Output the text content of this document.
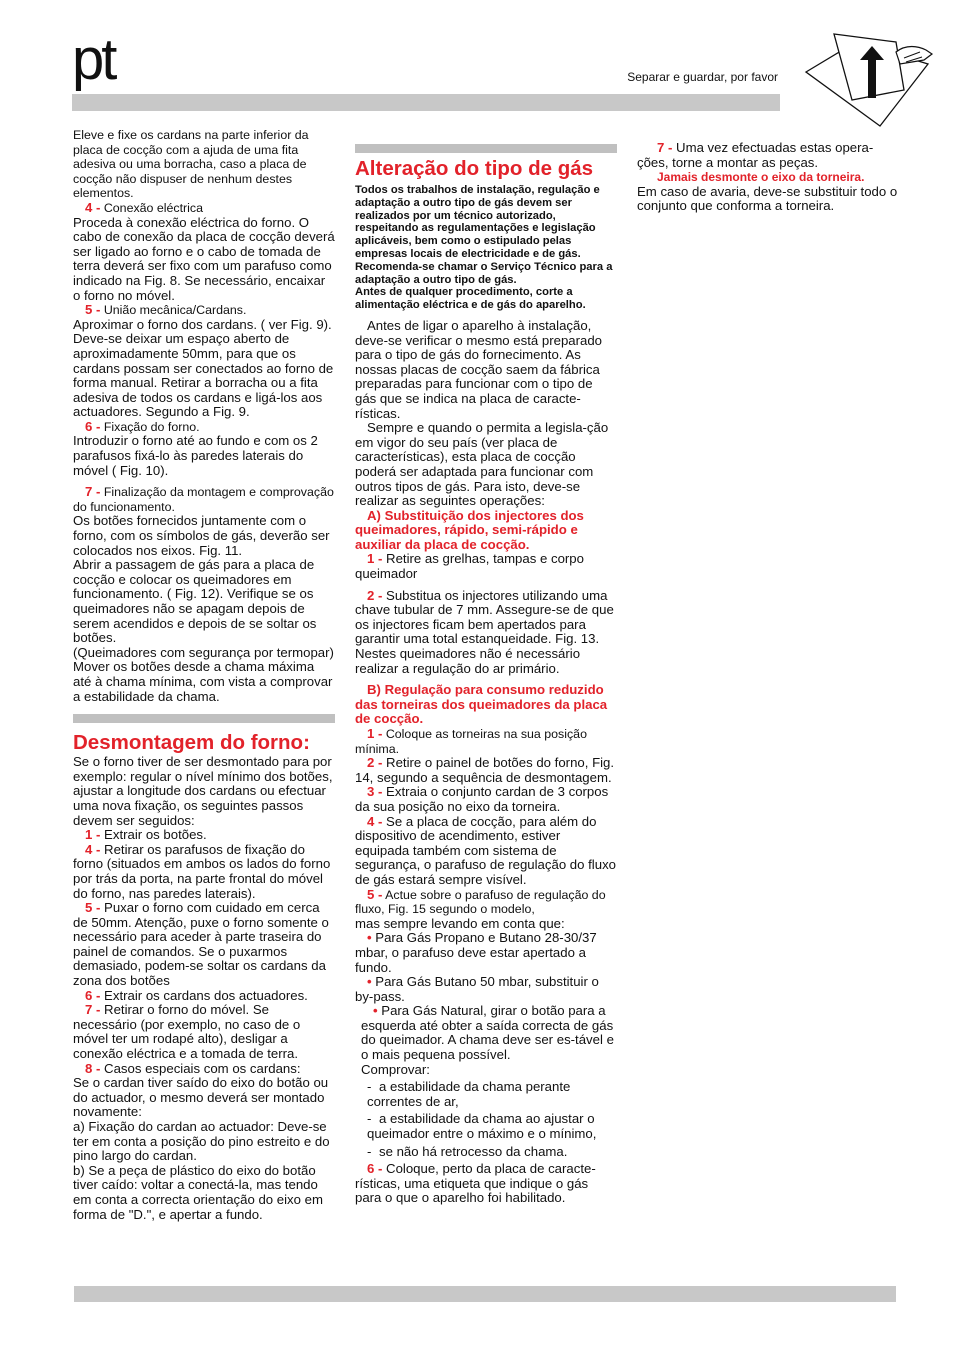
pt	Separar e guardar, por favor

Eleve e fixe os cardans na parte inferior da placa de cocção com a ajuda de uma fita adesiva ou uma borracha, caso a placa de cocção não dispuser de nenhum destes elementos.

4 - Conexão eléctrica

Proceda à conexão eléctrica do forno. O cabo de conexão da placa de cocção deverá ser ligado ao forno e o cabo de tomada de terra deverá ser fixo com um parafuso como indicado na Fig. 8. Se necessário, encaixar o forno no móvel.

5 - União mecânica/Cardans.

Aproximar o forno dos cardans. ( ver Fig. 9). Deve-se deixar um espaço aberto de aproximadamente 50mm, para que os cardans possam ser conectados ao forno de forma manual. Retirar a borracha ou a fita adesiva de todos os cardans e ligá-los aos actuadores. Segundo a Fig. 9.

6 - Fixação do forno.

Introduzir o forno até ao fundo e com os 2 parafusos fixá-lo às paredes laterais do móvel ( Fig. 10).

7 - Finalização da montagem e comprovação do funcionamento.

Os botões fornecidos juntamente com o forno, com os símbolos de gás, deverão ser colocados nos eixos. Fig. 11.

Abrir a passagem de gás para a placa de cocção e colocar os queimadores em funcionamento. ( Fig. 12). Verifique se os queimadores não se apagam depois de serem acendidos e depois de se soltar os botões.

(Queimadores com segurança por termopar) Mover os botões desde a chama máxima até à chama mínima, com vista a comprovar a estabilidade da chama.

Desmontagem do forno:

Se o forno tiver de ser desmontado para por exemplo: regular o nível mínimo dos botões, ajustar a longitude dos cardans ou efectuar uma nova fixação, os seguintes passos devem ser seguidos:

1 - Extrair os botões.

4 - Retirar os parafusos de fixação do forno (situados em ambos os lados do forno por trás da porta, na parte frontal do móvel do forno, nas paredes laterais).

5 - Puxar o forno com cuidado em cerca de 50mm. Atenção, puxe o forno somente o necessário para aceder à parte traseira do painel de comandos. Se o puxarmos demasiado, podem-se soltar os cardans da zona dos botões

6 - Extrair os cardans dos actuadores.

7 - Retirar o forno do móvel. Se necessário (por exemplo, no caso de o móvel ter um rodapé alto), desligar a conexão eléctrica e a tomada de terra.

8 - Casos especiais com os cardans:

Se o cardan tiver saído do eixo do botão ou do actuador, o mesmo deverá ser montado novamente:

a) Fixação do cardan ao actuador: Deve-se ter em conta a posição do pino estreito e do pino largo do cardan.

b) Se a peça de plástico do eixo do botão tiver caído: voltar a conectá-la, mas tendo em conta a correcta orientação do eixo em forma de "D.", e apertar a fundo.

Alteração do tipo de gás

Todos os trabalhos de instalação, regulação e adaptação a outro tipo de gás devem ser realizados por um técnico autorizado, respeitando as regulamentações e legislação aplicáveis, bem como o estipulado pelas empresas locais de electricidade e de gás.

Recomenda-se chamar o Serviço Técnico para a adaptação a outro tipo de gás.

Antes de qualquer procedimento, corte a alimentação eléctrica e de gás do aparelho.

Antes de ligar o aparelho à instalação, deve-se verificar o mesmo está preparado para o tipo de gás do fornecimento. As nossas placas de cocção saem da fábrica preparadas para funcionar com o tipo de gás que se indica na placa de caracte-rísticas.

Sempre e quando o permita a legisla-ção em vigor do seu país (ver placa de características), esta placa de cocção poderá ser adaptada para funcionar com outros tipos de gás. Para isto, deve-se realizar as seguintes operações:

A) Substituição dos injectores dos queimadores, rápido, semi-rápido e auxiliar da placa de cocção.

1 - Retire as grelhas, tampas e corpo queimador

2 - Substitua os injectores utilizando uma chave tubular de 7 mm. Assegure-se de que os injectores ficam bem apertados para garantir uma total estanqueidade. Fig. 13.

Nestes queimadores não é necessário realizar a regulação do ar primário.

B) Regulação para consumo reduzido das torneiras dos queimadores da placa de cocção.

1 - Coloque as torneiras na sua posição mínima.

2 - Retire o painel de botões do forno, Fig. 14, segundo a sequência de desmontagem.

3 - Extraia o conjunto cardan de 3 corpos da sua posição no eixo da torneira.

4 - Se a placa de cocção, para além do dispositivo de acendimento, estiver equipada também com sistema de segurança, o parafuso de regulação do fluxo de gás estará sempre visível.

5 - Actue sobre o parafuso de regulação do fluxo, Fig. 15 segundo o modelo,

mas sempre levando em conta que:

• Para Gás Propano e Butano 28-30/37 mbar, o parafuso deve estar apertado a fundo.

• Para Gás Butano 50 mbar, substituir o by-pass.

• Para Gás Natural, girar o botão para a esquerda até obter a saída correcta de gás do queimador. A chama deve ser es-tável e o mais pequena possível.

Comprovar:

- a estabilidade da chama perante correntes de ar,

- a estabilidade da chama ao ajustar o queimador entre o máximo e o mínimo,

- se não há retrocesso da chama.

6 - Coloque, perto da placa de caracte-rísticas, uma etiqueta que indique o gás para o que o aparelho foi habilitado.

7 - Uma vez efectuadas estas opera-ções, torne a montar as peças.

Jamais desmonte o eixo da torneira.

Em caso de avaria, deve-se substituir todo o conjunto que conforma a torneira.
